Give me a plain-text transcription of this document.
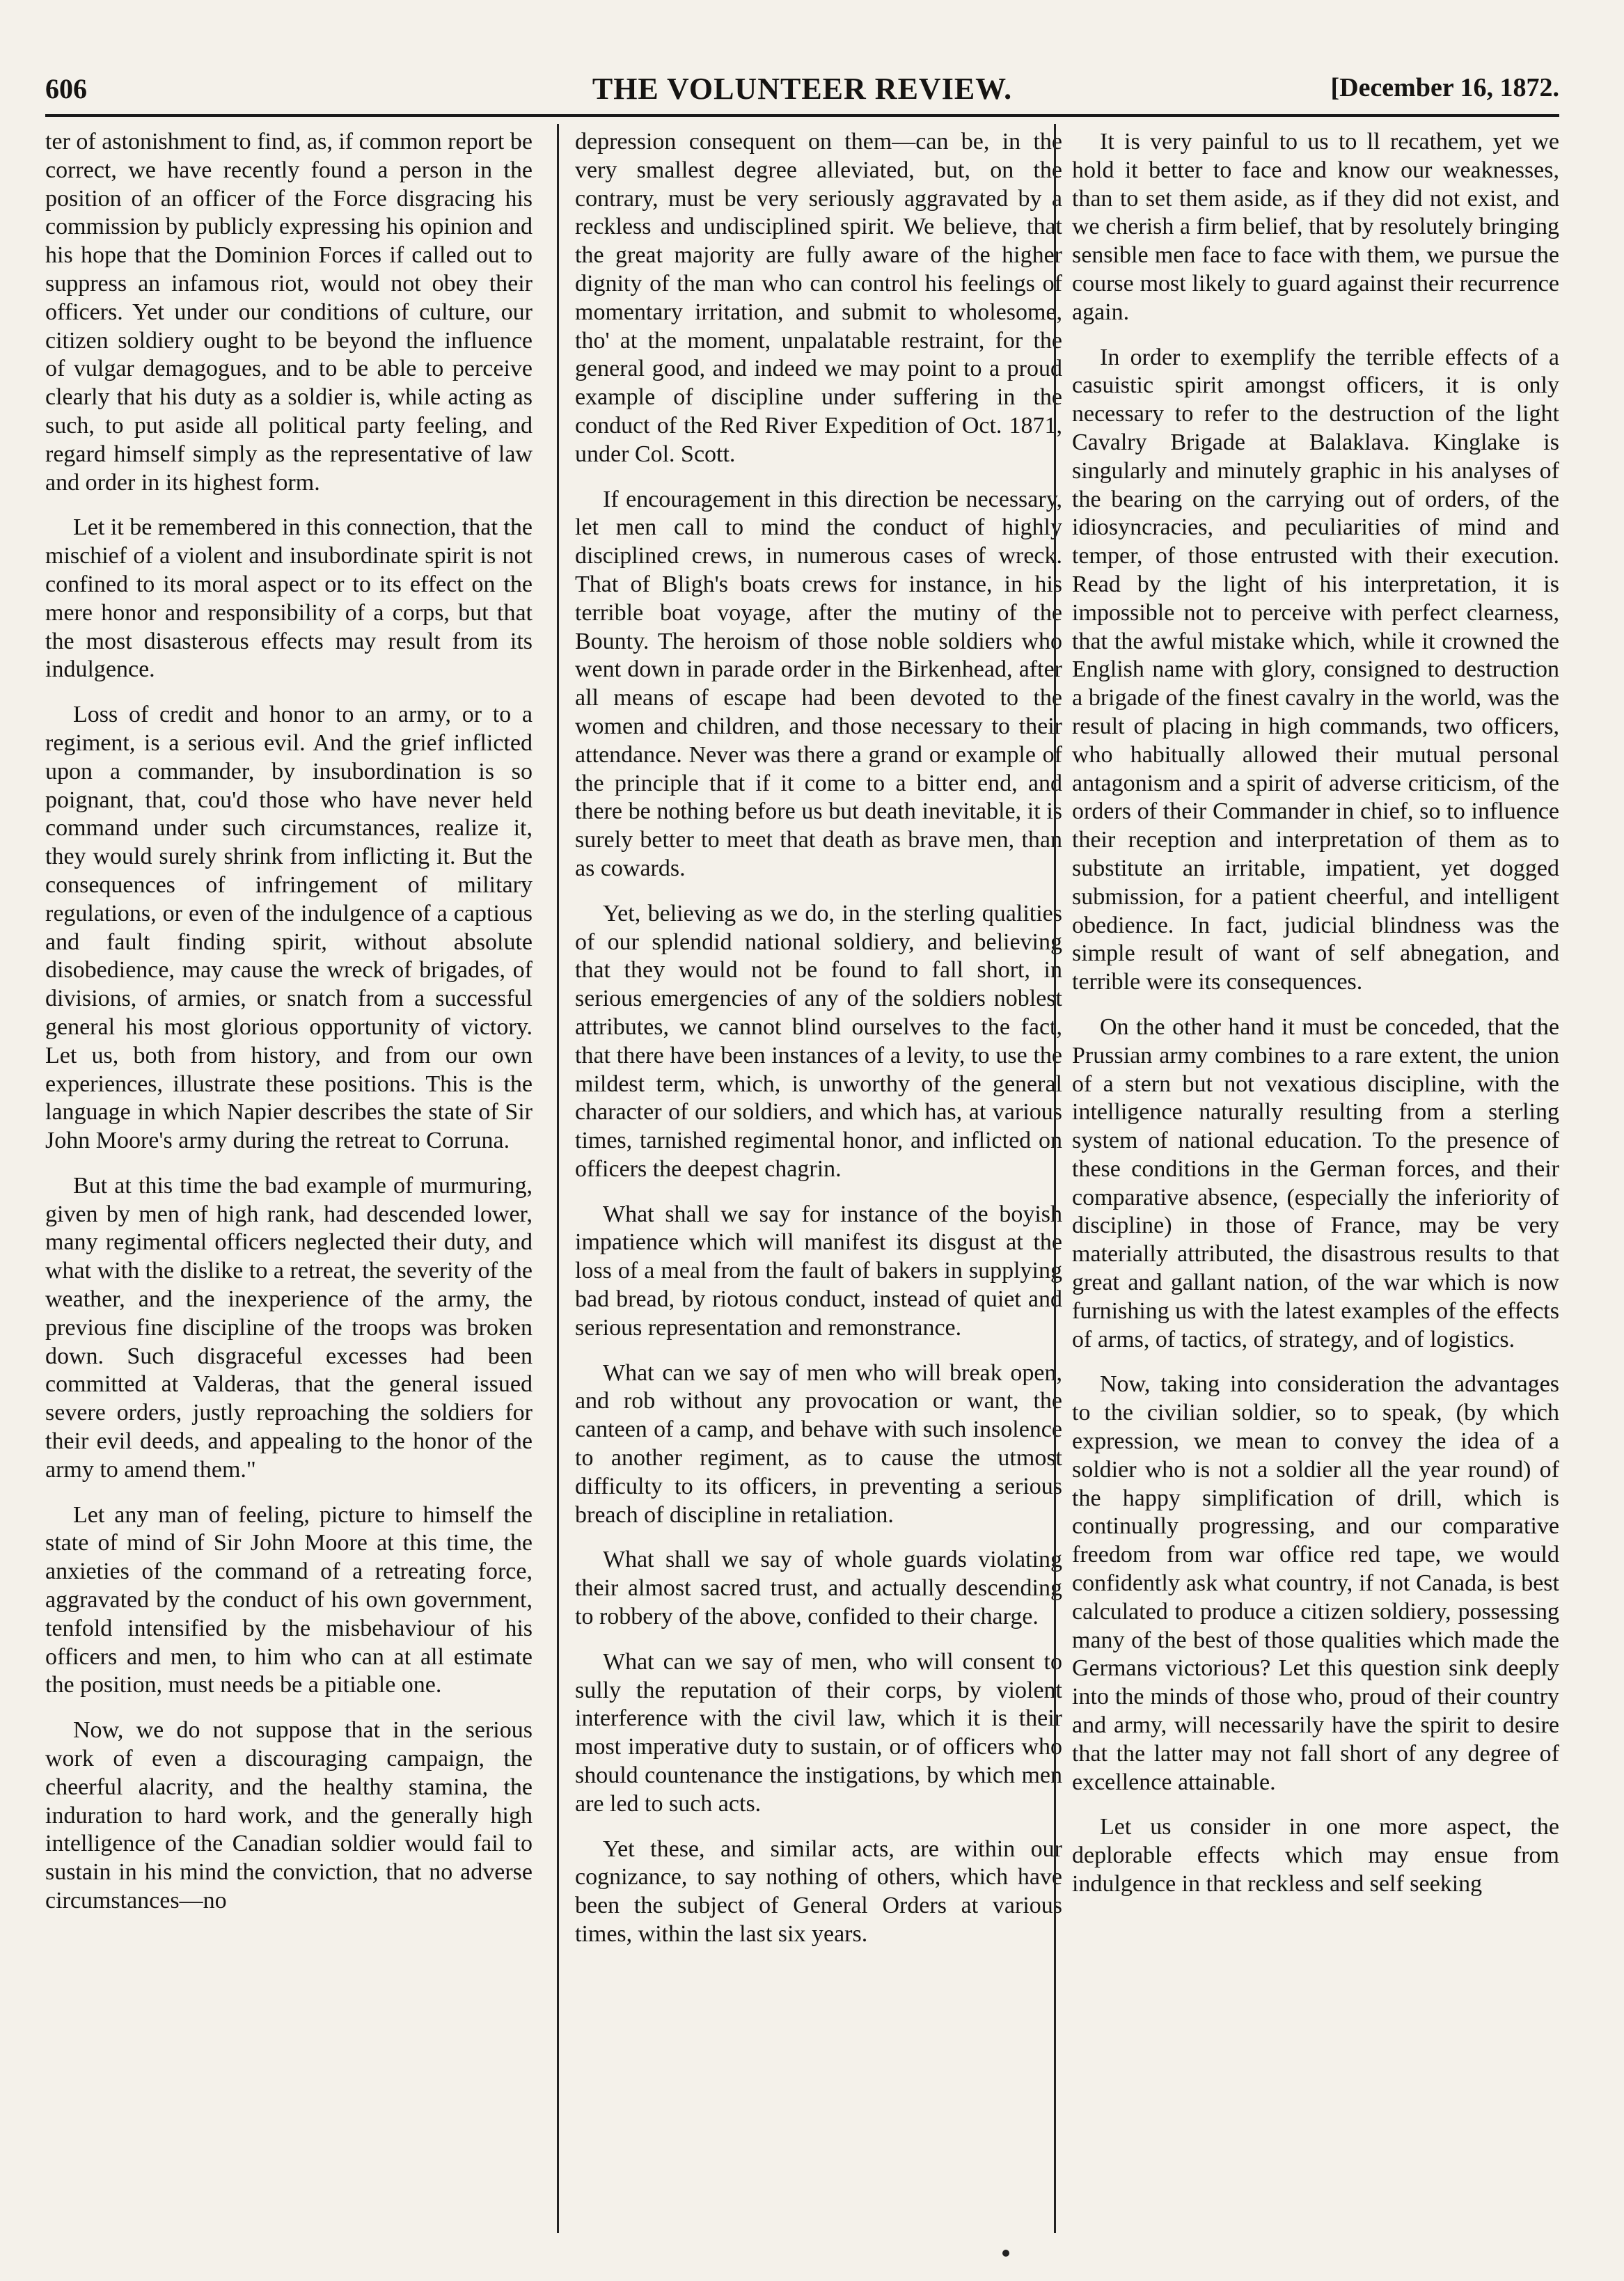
606	THE VOLUNTEER REVIEW.	[December 16, 1872.

ter of astonishment to find, as, if common report be correct, we have recently found a person in the position of an officer of the Force disgracing his commission by publicly expressing his opinion and his hope that the Dominion Forces if called out to suppress an infamous riot, would not obey their officers. Yet under our conditions of culture, our citizen soldiery ought to be beyond the influence of vulgar demagogues, and to be able to perceive clearly that his duty as a soldier is, while acting as such, to put aside all political party feeling, and regard himself simply as the representative of law and order in its highest form.

Let it be remembered in this connection, that the mischief of a violent and insubordinate spirit is not confined to its moral aspect or to its effect on the mere honor and responsibility of a corps, but that the most disasterous effects may result from its indulgence.

Loss of credit and honor to an army, or to a regiment, is a serious evil. And the grief inflicted upon a commander, by insubordination is so poignant, that, cou'd those who have never held command under such circumstances, realize it, they would surely shrink from inflicting it. But the consequences of infringement of military regulations, or even of the indulgence of a captious and fault finding spirit, without absolute disobedience, may cause the wreck of brigades, of divisions, of armies, or snatch from a successful general his most glorious opportunity of victory. Let us, both from history, and from our own experiences, illustrate these positions. This is the language in which Napier describes the state of Sir John Moore's army during the retreat to Corruna.

But at this time the bad example of murmuring, given by men of high rank, had descended lower, many regimental officers neglected their duty, and what with the dislike to a retreat, the severity of the weather, and the inexperience of the army, the previous fine discipline of the troops was broken down. Such disgraceful excesses had been committed at Valderas, that the general issued severe orders, justly reproaching the soldiers for their evil deeds, and appealing to the honor of the army to amend them."

Let any man of feeling, picture to himself the state of mind of Sir John Moore at this time, the anxieties of the command of a retreating force, aggravated by the conduct of his own government, tenfold intensified by the misbehaviour of his officers and men, to him who can at all estimate the position, must needs be a pitiable one.

Now, we do not suppose that in the serious work of even a discouraging campaign, the cheerful alacrity, and the healthy stamina, the induration to hard work, and the generally high intelligence of the Canadian soldier would fail to sustain in his mind the conviction, that no adverse circumstances—no

depression consequent on them—can be, in the very smallest degree alleviated, but, on the contrary, must be very seriously aggravated by a reckless and undisciplined spirit. We believe, that the great majority are fully aware of the higher dignity of the man who can control his feelings of momentary irritation, and submit to wholesome, tho' at the moment, unpalatable restraint, for the general good, and indeed we may point to a proud example of discipline under suffering in the conduct of the Red River Expedition of Oct. 1871, under Col. Scott.

If encouragement in this direction be necessary, let men call to mind the conduct of highly disciplined crews, in numerous cases of wreck. That of Bligh's boats crews for instance, in his terrible boat voyage, after the mutiny of the Bounty. The heroism of those noble soldiers who went down in parade order in the Birkenhead, after all means of escape had been devoted to the women and children, and those necessary to their attendance. Never was there a grand or example of the principle that if it come to a bitter end, and there be nothing before us but death inevitable, it is surely better to meet that death as brave men, than as cowards.

Yet, believing as we do, in the sterling qualities of our splendid national soldiery, and believing that they would not be found to fall short, in serious emergencies of any of the soldiers noblest attributes, we cannot blind ourselves to the fact, that there have been instances of a levity, to use the mildest term, which, is unworthy of the general character of our soldiers, and which has, at various times, tarnished regimental honor, and inflicted on officers the deepest chagrin.

What shall we say for instance of the boyish impatience which will manifest its disgust at the loss of a meal from the fault of bakers in supplying bad bread, by riotous conduct, instead of quiet and serious representation and remonstrance.

What can we say of men who will break open, and rob without any provocation or want, the canteen of a camp, and behave with such insolence to another regiment, as to cause the utmost difficulty to its officers, in preventing a serious breach of discipline in retaliation.

What shall we say of whole guards violating their almost sacred trust, and actually descending to robbery of the above, confided to their charge.

What can we say of men, who will consent to sully the reputation of their corps, by violent interference with the civil law, which it is their most imperative duty to sustain, or of officers who should countenance the instigations, by which men are led to such acts.

Yet these, and similar acts, are within our cognizance, to say nothing of others, which have been the subject of General Orders at various times, within the last six years.

It is very painful to us to ll recathem, yet we hold it better to face and know our weaknesses, than to set them aside, as if they did not exist, and we cherish a firm belief, that by resolutely bringing sensible men face to face with them, we pursue the course most likely to guard against their recurrence again.

In order to exemplify the terrible effects of a casuistic spirit amongst officers, it is only necessary to refer to the destruction of the light Cavalry Brigade at Balaklava. Kinglake is singularly and minutely graphic in his analyses of the bearing on the carrying out of orders, of the idiosyncracies, and peculiarities of mind and temper, of those entrusted with their execution. Read by the light of his interpretation, it is impossible not to perceive with perfect clearness, that the awful mistake which, while it crowned the English name with glory, consigned to destruction a brigade of the finest cavalry in the world, was the result of placing in high commands, two officers, who habitually allowed their mutual personal antagonism and a spirit of adverse criticism, of the orders of their Commander in chief, so to influence their reception and interpretation of them as to substitute an irritable, impatient, yet dogged submission, for a patient cheerful, and intelligent obedience. In fact, judicial blindness was the simple result of want of self abnegation, and terrible were its consequences.

On the other hand it must be conceded, that the Prussian army combines to a rare extent, the union of a stern but not vexatious discipline, with the intelligence naturally resulting from a sterling system of national education. To the presence of these conditions in the German forces, and their comparative absence, (especially the inferiority of discipline) in those of France, may be very materially attributed, the disastrous results to that great and gallant nation, of the war which is now furnishing us with the latest examples of the effects of arms, of tactics, of strategy, and of logistics.

Now, taking into consideration the advantages to the civilian soldier, so to speak, (by which expression, we mean to convey the idea of a soldier who is not a soldier all the year round) of the happy simplification of drill, which is continually progressing, and our comparative freedom from war office red tape, we would confidently ask what country, if not Canada, is best calculated to produce a citizen soldiery, possessing many of the best of those qualities which made the Germans victorious? Let this question sink deeply into the minds of those who, proud of their country and army, will necessarily have the spirit to desire that the latter may not fall short of any degree of excellence attainable.

Let us consider in one more aspect, the deplorable effects which may ensue from indulgence in that reckless and self seeking
